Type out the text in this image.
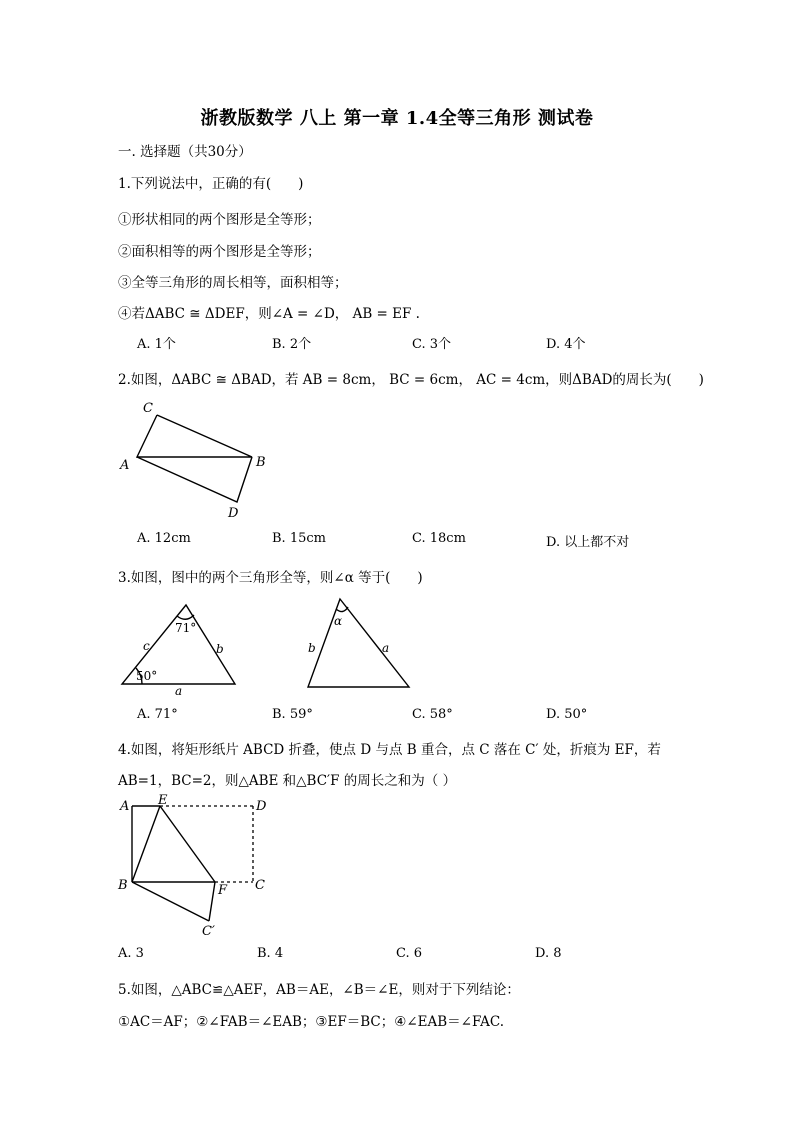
浙教版数学 八上 第一章 1.4全等三角形 测试卷
一. 选择题（共30分）
1.下列说法中，正确的有(　　)
①形状相同的两个图形是全等形；
②面积相等的两个图形是全等形；
③全等三角形的周长相等，面积相等；
④若ΔABC ≅ ΔDEF，则∠A = ∠D， AB = EF .
A. 1个	B. 2个	C. 3个	D. 4个
2.如图，ΔABC ≅ ΔBAD，若 AB = 8cm， BC = 6cm， AC = 4cm，则ΔBAD的周长为(　　)
C
A	B
D
A. 12cm	B. 15cm	C. 18cm	D. 以上都不对
3.如图，图中的两个三角形全等，则∠α 等于(　　)
71°
50°
c	b
a
α
b	a
A. 71°	B. 59°	C. 58°	D. 50°
4.如图，将矩形纸片 ABCD 折叠，使点 D 与点 B 重合，点 C 落在 C′ 处，折痕为 EF，若
AB=1，BC=2，则△ABE 和△BC′F 的周长之和为（ ）
A E	D
B	F C
C′
A. 3	B. 4	C. 6	D. 8
5.如图，△ABC≌△AEF，AB＝AE，∠B＝∠E，则对于下列结论：
①AC＝AF；②∠FAB＝∠EAB；③EF＝BC；④∠EAB＝∠FAC.
